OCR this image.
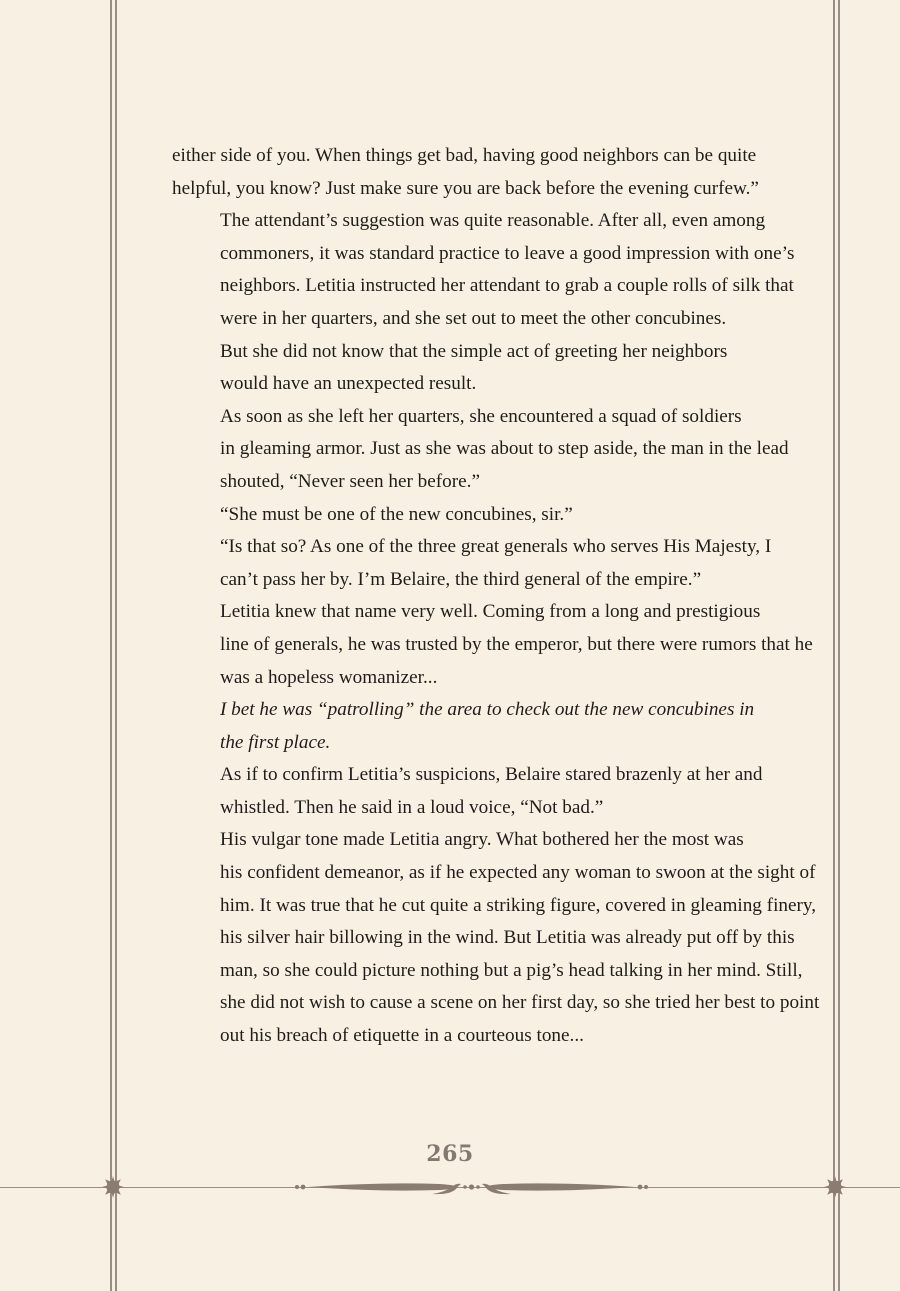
either side of you. When things get bad, having good neighbors can be quite
helpful, you know? Just make sure you are back before the evening curfew.”

The attendant’s suggestion was quite reasonable. After all, even among
commoners, it was standard practice to leave a good impression with one’s
neighbors. Letitia instructed her attendant to grab a couple rolls of silk that
were in her quarters, and she set out to meet the other concubines.

But she did not know that the simple act of greeting her neighbors
would have an unexpected result.

As soon as she left her quarters, she encountered a squad of soldiers
in gleaming armor. Just as she was about to step aside, the man in the lead
shouted, “Never seen her before.”

“She must be one of the new concubines, sir.”

“Is that so? As one of the three great generals who serves His Majesty, I
can’t pass her by. I’m Belaire, the third general of the empire.”

Letitia knew that name very well. Coming from a long and prestigious
line of generals, he was trusted by the emperor, but there were rumors that he
was a hopeless womanizer...

I bet he was “patrolling” the area to check out the new concubines in
the first place.

As if to confirm Letitia’s suspicions, Belaire stared brazenly at her and
whistled. Then he said in a loud voice, “Not bad.”

His vulgar tone made Letitia angry. What bothered her the most was
his confident demeanor, as if he expected any woman to swoon at the sight of
him. It was true that he cut quite a striking figure, covered in gleaming finery,
his silver hair billowing in the wind. But Letitia was already put off by this
man, so she could picture nothing but a pig’s head talking in her mind. Still,
she did not wish to cause a scene on her first day, so she tried her best to point
out his breach of etiquette in a courteous tone...

265
